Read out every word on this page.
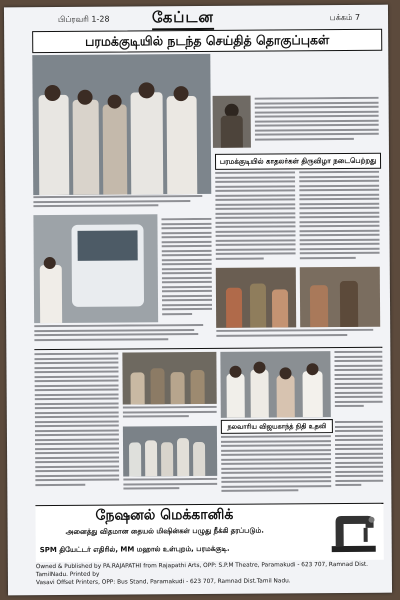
பிப்ரவரி 1-28	கேப்டன	பக்கம் 7
பரமக்குடியில் நடந்த செய்தித் தொகுப்புகள்
பரமக்குடியில் காதலர்கள் திருவிழா நடைபெற்றது
நலவாரிய விஜயகாந்த் நிதி உதவி
நேஷனல் மெக்கானிக்
அனைத்து விதமான தையல் மிஷின்கள் பழுது நீக்கி தரப்படும்.
SPM தியேட்டர் எதிரில், MM மஹால் உள்புறம், பரமக்குடி.
Owned & Published by PA.RAJAPATHI from Rajapathi Arts, OPP: S.P.M Theatre, Paramakudi - 623 707, Ramnad Dist. TamilNadu. Printed by
Vasavi Offset Printers, OPP: Bus Stand, Paramakudi - 623 707, Ramnad Dist.Tamil Nadu.
